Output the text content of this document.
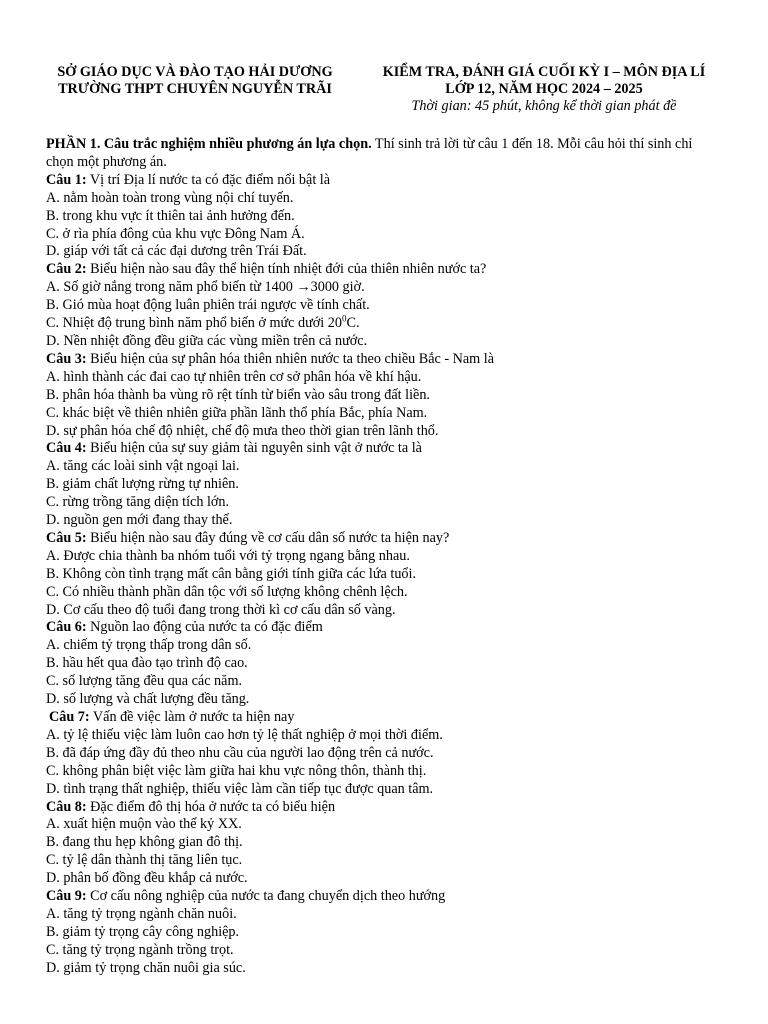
SỞ GIÁO DỤC VÀ ĐÀO TẠO HẢI DƯƠNG
TRƯỜNG THPT CHUYÊN NGUYỄN TRÃI
KIỂM TRA, ĐÁNH GIÁ CUỐI KỲ I – MÔN ĐỊA LÍ
LỚP 12, NĂM HỌC 2024 – 2025
Thời gian: 45 phút, không kể thời gian phát đề
PHẦN 1. Câu trắc nghiệm nhiều phương án lựa chọn. Thí sinh trả lời từ câu 1 đến 18. Mỗi câu hỏi thí sinh chỉ chọn một phương án.
Câu 1: Vị trí Địa lí nước ta có đặc điểm nổi bật là
A. nằm hoàn toàn trong vùng nội chí tuyến.
B. trong khu vực ít thiên tai ảnh hưởng đến.
C. ở rìa phía đông của khu vực Đông Nam Á.
D. giáp với tất cả các đại dương trên Trái Đất.
Câu 2: Biểu hiện nào sau đây thể hiện tính nhiệt đới của thiên nhiên nước ta?
A. Số giờ nắng trong năm phổ biến từ 1400 →3000 giờ.
B. Gió mùa hoạt động luân phiên trái ngược về tính chất.
C. Nhiệt độ trung bình năm phổ biến ở mức dưới $20^0C$.
D. Nền nhiệt đồng đều giữa các vùng miền trên cả nước.
Câu 3: Biểu hiện của sự phân hóa thiên nhiên nước ta theo chiều Bắc - Nam là
A. hình thành các đai cao tự nhiên trên cơ sở phân hóa về khí hậu.
B. phân hóa thành ba vùng rõ rệt tính từ biển vào sâu trong đất liền.
C. khác biệt về thiên nhiên giữa phần lãnh thổ phía Bắc, phía Nam.
D. sự phân hóa chế độ nhiệt, chế độ mưa theo thời gian trên lãnh thổ.
Câu 4: Biểu hiện của sự suy giảm tài nguyên sinh vật ở nước ta là
A. tăng các loài sinh vật ngoại lai.
B. giảm chất lượng rừng tự nhiên.
C. rừng trồng tăng diện tích lớn.
D. nguồn gen mới đang thay thế.
Câu 5: Biểu hiện nào sau đây đúng về cơ cấu dân số nước ta hiện nay?
A. Được chia thành ba nhóm tuổi với tỷ trọng ngang bằng nhau.
B. Không còn tình trạng mất cân bằng giới tính giữa các lứa tuổi.
C. Có nhiều thành phần dân tộc với số lượng không chênh lệch.
D. Cơ cấu theo độ tuổi đang trong thời kì cơ cấu dân số vàng.
Câu 6: Nguồn lao động của nước ta có đặc điểm
A. chiếm tỷ trọng thấp trong dân số.
B. hầu hết qua đào tạo trình độ cao.
C. số lượng tăng đều qua các năm.
D. số lượng và chất lượng đều tăng.
Câu 7: Vấn đề việc làm ở nước ta hiện nay
A. tỷ lệ thiếu việc làm luôn cao hơn tỷ lệ thất nghiệp ở mọi thời điểm.
B. đã đáp ứng đầy đủ theo nhu cầu của người lao động trên cả nước.
C. không phân biệt việc làm giữa hai khu vực nông thôn, thành thị.
D. tình trạng thất nghiệp, thiếu việc làm cần tiếp tục được quan tâm.
Câu 8: Đặc điểm đô thị hóa ở nước ta có biểu hiện
A. xuất hiện muộn vào thế kỷ XX.
B. đang thu hẹp không gian đô thị.
C. tỷ lệ dân thành thị tăng liên tục.
D. phân bố đồng đều khắp cả nước.
Câu 9: Cơ cấu nông nghiệp của nước ta đang chuyển dịch theo hướng
A. tăng tỷ trọng ngành chăn nuôi.
B. giảm tỷ trọng cây công nghiệp.
C. tăng tỷ trọng ngành trồng trọt.
D. giảm tỷ trọng chăn nuôi gia súc.
